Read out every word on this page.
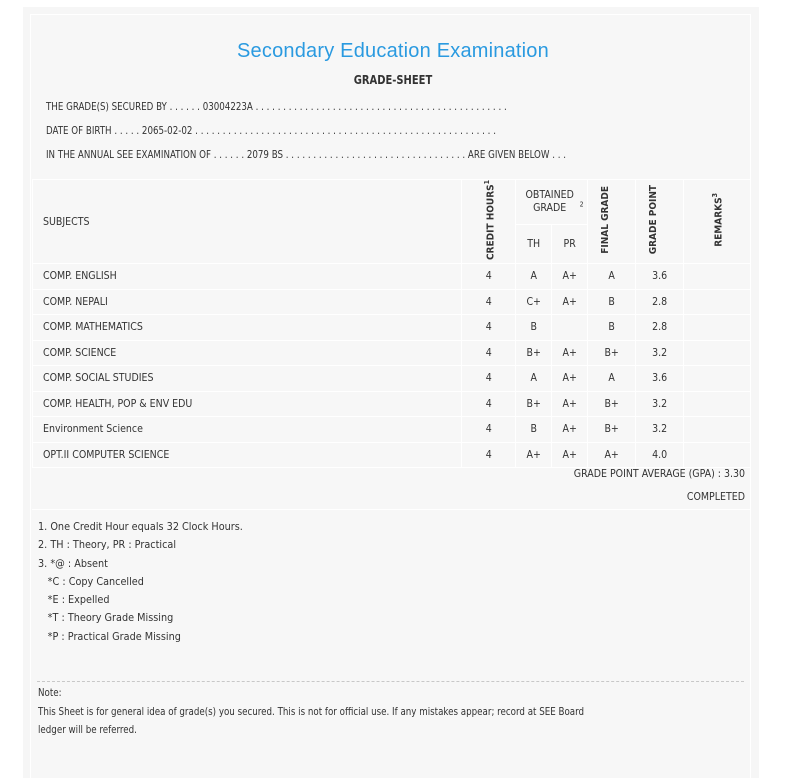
Secondary Education Examination
GRADE-SHEET
THE GRADE(S) SECURED BY . . . . . . 03004223A . . . . . . . . . . . . . . . . . . . . . . . . . . . . . . . . . . . . . . . . . . . . . .
DATE OF BIRTH . . . . . 2065-02-02 . . . . . . . . . . . . . . . . . . . . . . . . . . . . . . . . . . . . . . . . . . . . . . . . . . . . . . .
IN THE ANNUAL SEE EXAMINATION OF . . . . . . 2079 BS . . . . . . . . . . . . . . . . . . . . . . . . . . . . . . . . . ARE GIVEN BELOW . . .
SUBJECTS	CREDIT HOURS$^1$	OBTAINED GRADE $^2$		FINAL GRADE	GRADE POINT	REMARKS$^3$
		TH	PR			
COMP. ENGLISH	4	A	A+	A	3.6	
COMP. NEPALI	4	C+	A+	B	2.8	
COMP. MATHEMATICS	4	B		B	2.8	
COMP. SCIENCE	4	B+	A+	B+	3.2	
COMP. SOCIAL STUDIES	4	A	A+	A	3.6	
COMP. HEALTH, POP & ENV EDU	4	B+	A+	B+	3.2	
Environment Science	4	B	A+	B+	3.2	
OPT.II COMPUTER SCIENCE	4	A+	A+	A+	4.0	
GRADE POINT AVERAGE (GPA) : 3.30
COMPLETED
1. One Credit Hour equals 32 Clock Hours.
2. TH : Theory, PR : Practical
3. *@ : Absent
*C : Copy Cancelled
*E : Expelled
*T : Theory Grade Missing
*P : Practical Grade Missing
Note:
This Sheet is for general idea of grade(s) you secured. This is not for official use. If any mistakes appear; record at SEE Board
ledger will be referred.
